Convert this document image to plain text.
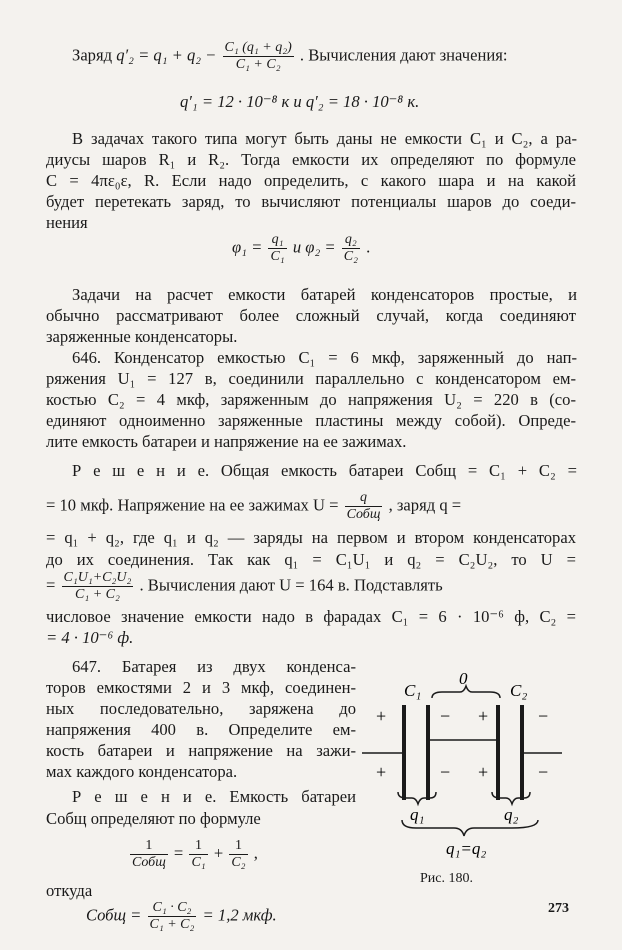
Заряд $q'_2 = q_1 + q_2 - \frac{\text{C₁ (q₁ + q₂)}}{\text{C₁ + C₂}}$ . Вычисления дают значения:
q′₁ = 12 · 10⁻⁸ к и q′₂ = 18 · 10⁻⁸ к.
В задачах такого типа могут быть даны не емкости C₁ и C₂, а ра-
диусы шаров R₁ и R₂. Тогда емкости их определяют по формуле
C = 4πε₀ε, R. Если надо определить, с какого шара и на какой
будет перетекать заряд, то вычисляют потенциалы шаров до соеди-
нения
$\varphi_1 = \frac{\text{q₁}}{\text{C₁}}$ и $\varphi_2 = \frac{\text{q₂}}{\text{C₂}}$ .
Задачи на расчет емкости батарей конденсаторов простые, и
обычно рассматривают более сложный случай, когда соединяют
заряженные конденсаторы.
646. Конденсатор емкостью C₁ = 6 мкф, заряженный до нап-
ряжения U₁ = 127 в, соединили параллельно с конденсатором ем-
костью C₂ = 4 мкф, заряженным до напряжения U₂ = 220 в (со-
единяют одноименно заряженные пластины между собой). Опреде-
лите емкость батареи и напряжение на ее зажимах.
Р е ш е н и е. Общая емкость батареи Cобщ = C₁ + C₂ =
= 10 мкф. Напряжение на ее зажимах $U = \frac{q}{\text{Cобщ}}$ , заряд q =
= q₁ + q₂, где q₁ и q₂ — заряды на первом и втором конденсаторах
до их соединения. Так как q₁ = C₁U₁ и q₂ = C₂U₂, то U =
= $\frac{\text{C₁U₁+C₂U₂}}{\text{C₁ + C₂}}$ . Вычисления дают U = 164 в. Подставлять
числовое значение емкости надо в фарадах C₁ = 6 · 10⁻⁶ ф, C₂ =
= 4 · 10⁻⁶ ф.
647. Батарея из двух конденса-
торов емкостями 2 и 3 мкф, соединен-
ных последовательно, заряжена до
напряжения 400 в. Определите ем-
кость батареи и напряжение на зажи-
мах каждого конденсатора.
Р е ш е н и е. Емкость батареи
Cобщ определяют по формуле
$\frac{1}{\text{Cобщ}} = \frac{1}{\text{C₁}} + \frac{1}{\text{C₂}}$ ,
откуда
Cобщ = $\frac{\text{C₁ · C₂}}{\text{C₁ + C₂}} = 1,2$ мкф.
C₁
0
C₂
+	− +	−
+	− +	−
q₁	q₂
q₁=q₂
Рис. 180.
273
